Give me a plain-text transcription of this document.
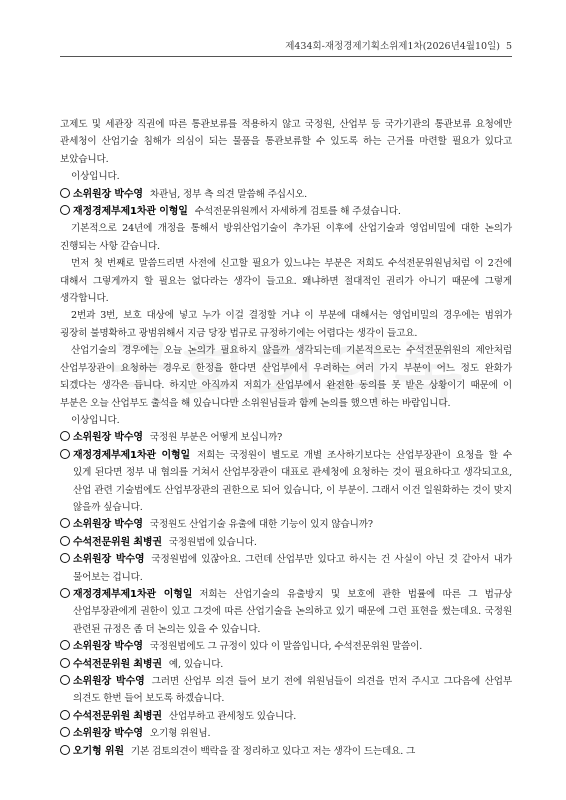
제434회-재정경제기획소위제1차(2026년4월10일) 5

고제도 및 세관장 직권에 따른 통관보류를 적용하지 않고 국정원, 산업부 등 국가기관의 통관보류 요청에만 관세청이 산업기술 침해가 의심이 되는 물품을 통관보류할 수 있도록 하는 근거를 마련할 필요가 있다고 보았습니다.

이상입니다.

소위원장 박수영 차관님, 정부 측 의견 말씀해 주십시오.

재정경제부제1차관 이형일 수석전문위원께서 자세하게 검토를 해 주셨습니다.

기본적으로 24년에 개정을 통해서 방위산업기술이 추가된 이후에 산업기술과 영업비밀에 대한 논의가 진행되는 사항 같습니다.

먼저 첫 번째로 말씀드리면 사전에 신고할 필요가 있느냐는 부분은 저희도 수석전문위원님처럼 이 2건에 대해서 그렇게까지 할 필요는 없다라는 생각이 들고요. 왜냐하면 절대적인 권리가 아니기 때문에 그렇게 생각합니다.

2번과 3번, 보호 대상에 넣고 누가 이걸 결정할 거냐 이 부분에 대해서는 영업비밀의 경우에는 범위가 굉장히 불명확하고 광범위해서 지금 당장 법규로 규정하기에는 어렵다는 생각이 들고요.

산업기술의 경우에는 오늘 논의가 필요하지 않을까 생각되는데 기본적으로는 수석전문위원의 제안처럼 산업부장관이 요청하는 경우로 한정을 한다면 산업부에서 우려하는 여러 가지 부분이 어느 정도 완화가 되겠다는 생각은 듭니다. 하지만 아직까지 저희가 산업부에서 완전한 동의를 못 받은 상황이기 때문에 이 부분은 오늘 산업부도 출석을 해 있습니다만 소위원님들과 함께 논의를 했으면 하는 바람입니다.

이상입니다.

소위원장 박수영 국정원 부분은 어떻게 보십니까?

재정경제부제1차관 이형일 저희는 국정원이 별도로 개별 조사하기보다는 산업부장관이 요청을 할 수 있게 된다면 정부 내 협의를 거쳐서 산업부장관이 대표로 관세청에 요청하는 것이 필요하다고 생각되고요, 산업 관련 기술법에도 산업부장관의 권한으로 되어 있습니다, 이 부분이. 그래서 이건 일원화하는 것이 맞지 않을까 싶습니다.

소위원장 박수영 국정원도 산업기술 유출에 대한 기능이 있지 않습니까?

수석전문위원 최병권 국정원법에 있습니다.

소위원장 박수영 국정원법에 있잖아요. 그런데 산업부만 있다고 하시는 건 사실이 아닌 것 같아서 내가 물어보는 겁니다.

재정경제부제1차관 이형일 저희는 산업기술의 유출방지 및 보호에 관한 법률에 따른 그 법규상 산업부장관에게 권한이 있고 그것에 따른 산업기술을 논의하고 있기 때문에 그런 표현을 썼는데요. 국정원 관련된 규정은 좀 더 논의는 있을 수 있습니다.

소위원장 박수영 국정원법에도 그 규정이 있다 이 말씀입니다, 수석전문위원 말씀이.

수석전문위원 최병권 예, 있습니다.

소위원장 박수영 그러면 산업부 의견 들어 보기 전에 위원님들이 의견을 먼저 주시고 그다음에 산업부 의견도 한번 들어 보도록 하겠습니다.

수석전문위원 최병권 산업부하고 관세청도 있습니다.

소위원장 박수영 오기형 위원님.

오기형 위원 기본 검토의견이 백락을 잘 정리하고 있다고 저는 생각이 드는데요. 그
